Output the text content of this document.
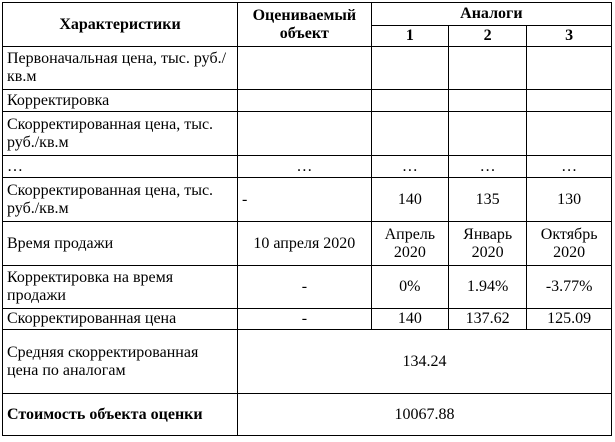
Характеристики	Оцениваемый объект	Аналоги		
		1	2	3
Первоначальная цена, тыс. руб./кв.м				
Корректировка				
Скорректированная цена, тыс. руб./кв.м				
…	…	…	…	…
Скорректированная цена, тыс. руб./кв.м	-	140	135	130
Время продажи	10 апреля 2020	Апрель 2020	Январь 2020	Октябрь 2020
Корректировка на время продажи	-	0%	1.94%	-3.77%
Скорректированная цена	-	140	137.62	125.09
Средняя скорректированная цена по аналогам	134.24			
Стоимость объекта оценки	10067.88			
